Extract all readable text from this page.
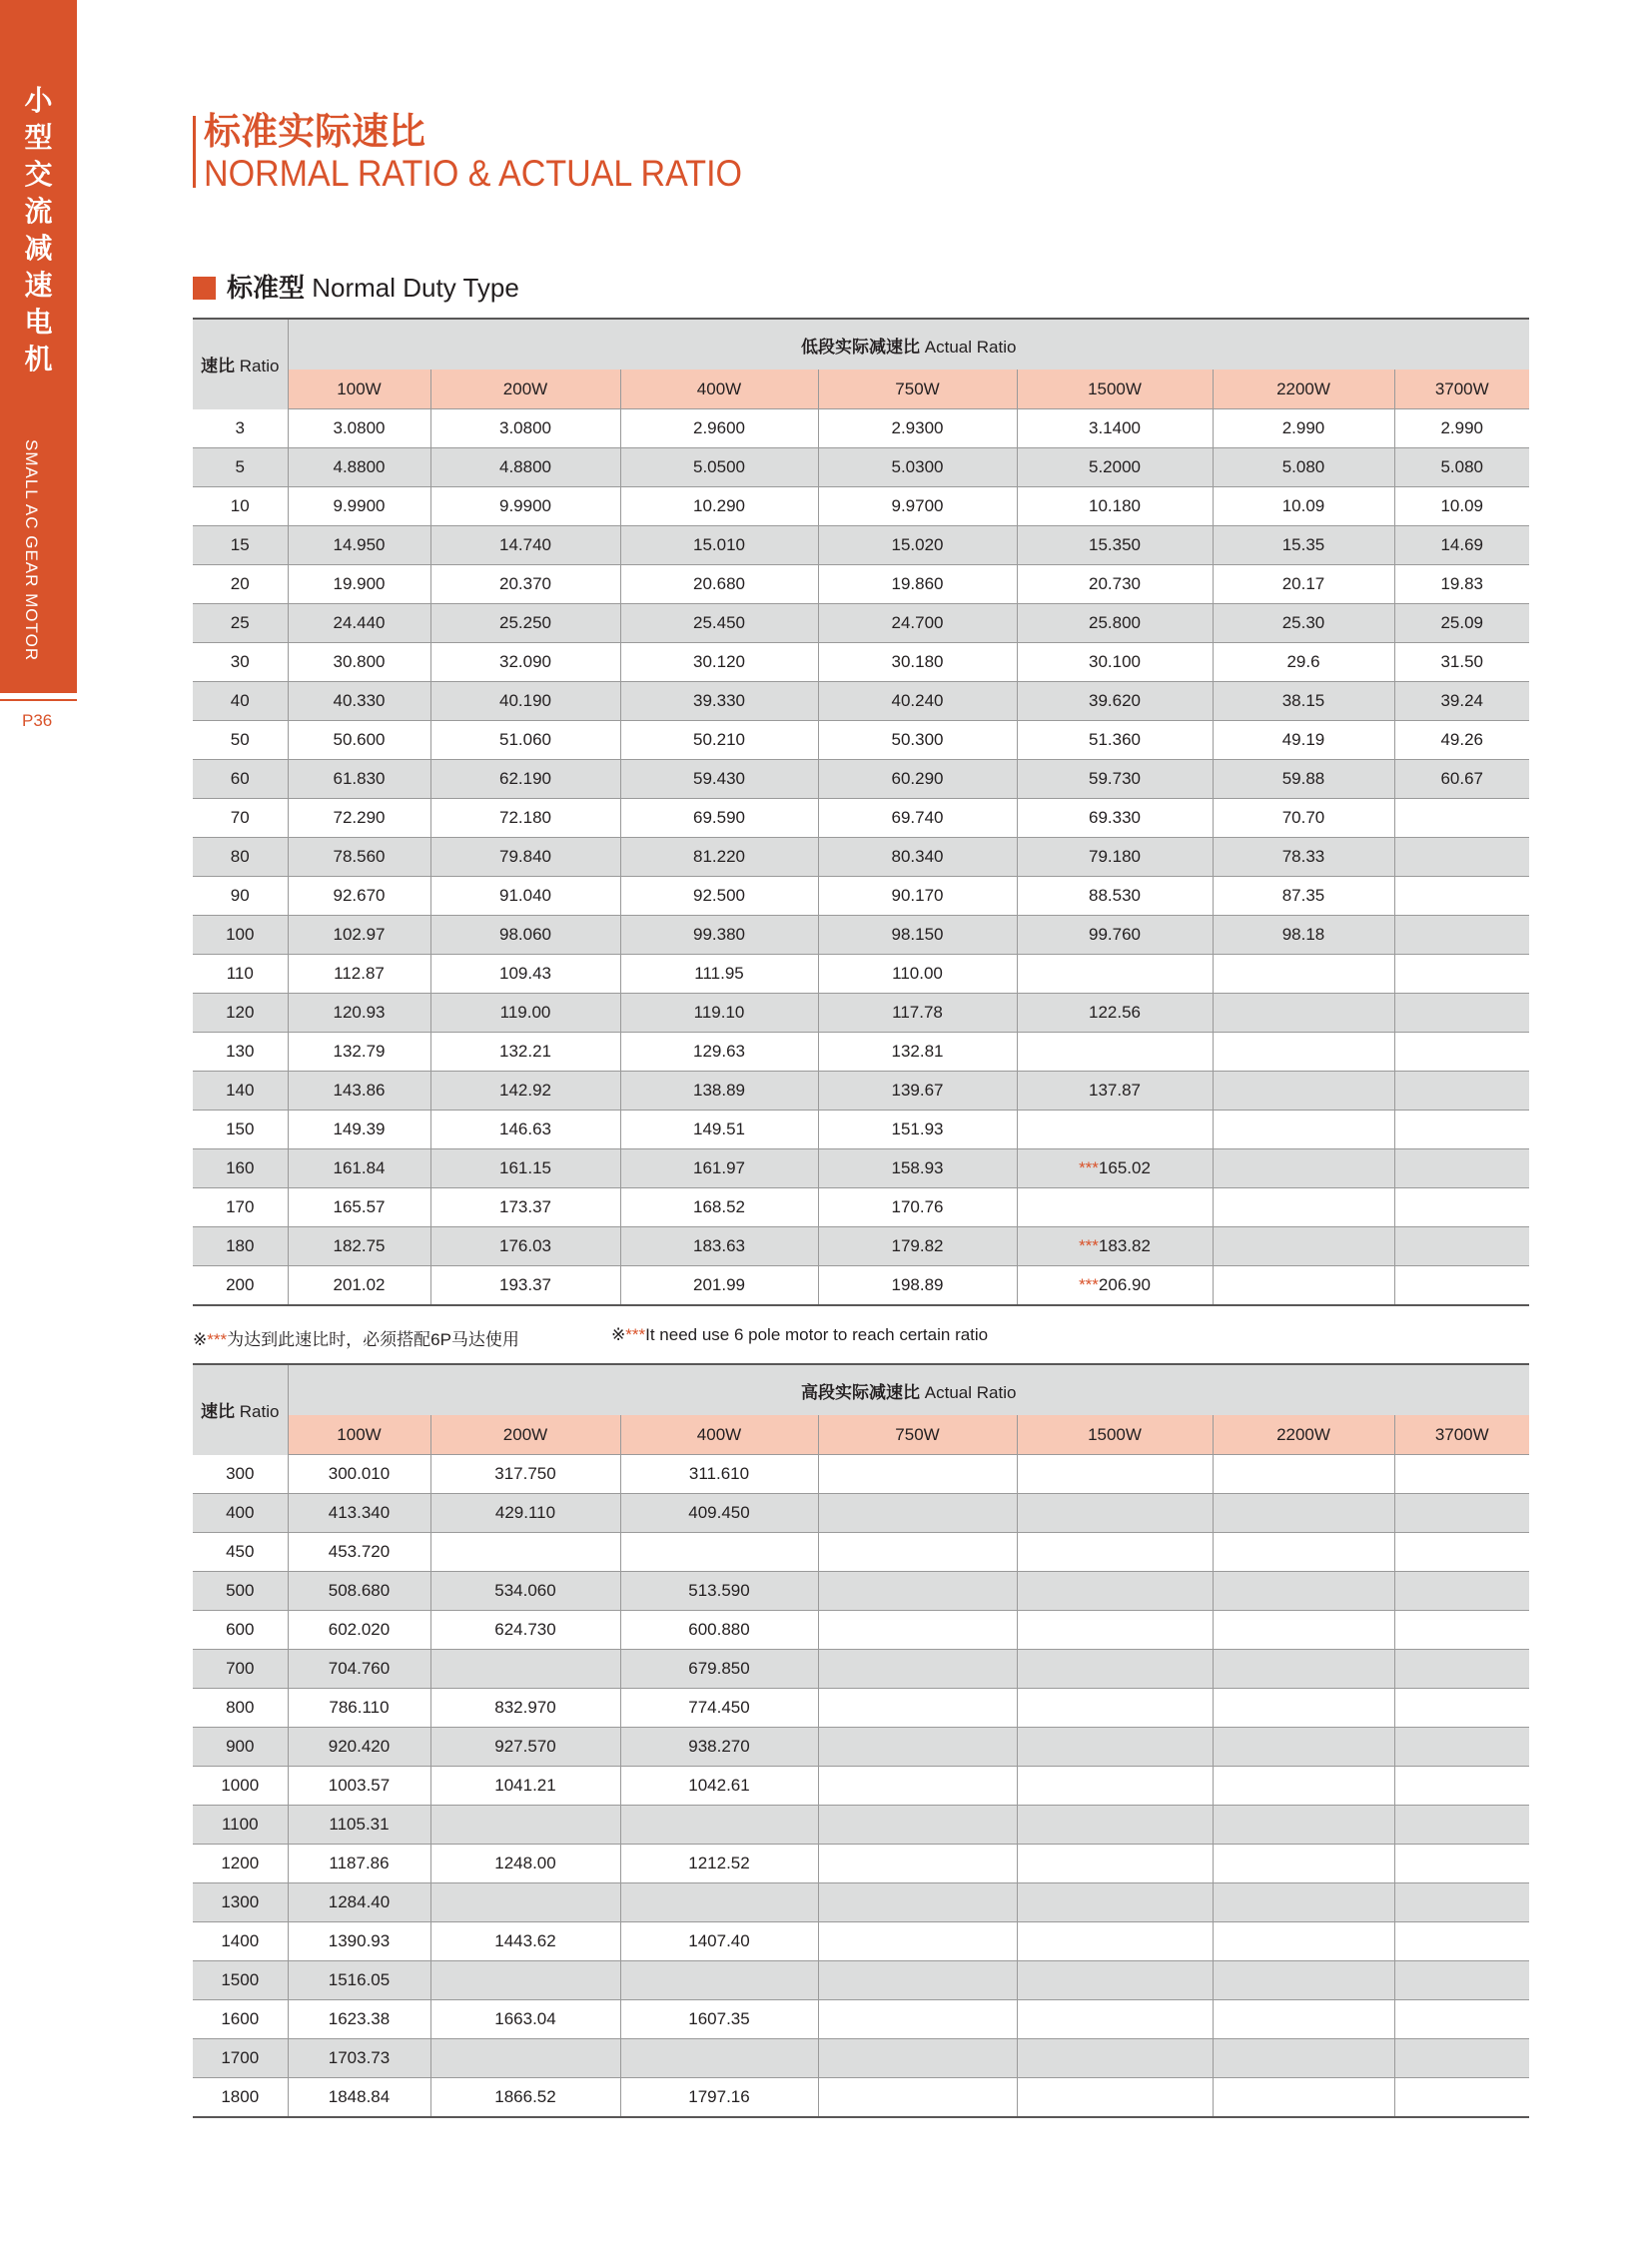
小
型
交
流
减
速
电
机
SMALL AC GEAR MOTOR
P36
标准实际速比
NORMAL RATIO & ACTUAL RATIO
标准型 Normal Duty Type
速比 Ratio	低段实际减速比 Actual Ratio						
	100W	200W	400W	750W	1500W	2200W	3700W
3	3.0800	3.0800	2.9600	2.9300	3.1400	2.990	2.990
5	4.8800	4.8800	5.0500	5.0300	5.2000	5.080	5.080
10	9.9900	9.9900	10.290	9.9700	10.180	10.09	10.09
15	14.950	14.740	15.010	15.020	15.350	15.35	14.69
20	19.900	20.370	20.680	19.860	20.730	20.17	19.83
25	24.440	25.250	25.450	24.700	25.800	25.30	25.09
30	30.800	32.090	30.120	30.180	30.100	29.6	31.50
40	40.330	40.190	39.330	40.240	39.620	38.15	39.24
50	50.600	51.060	50.210	50.300	51.360	49.19	49.26
60	61.830	62.190	59.430	60.290	59.730	59.88	60.67
70	72.290	72.180	69.590	69.740	69.330	70.70	
80	78.560	79.840	81.220	80.340	79.180	78.33	
90	92.670	91.040	92.500	90.170	88.530	87.35	
100	102.97	98.060	99.380	98.150	99.760	98.18	
110	112.87	109.43	111.95	110.00			
120	120.93	119.00	119.10	117.78	122.56		
130	132.79	132.21	129.63	132.81			
140	143.86	142.92	138.89	139.67	137.87		
150	149.39	146.63	149.51	151.93			
160	161.84	161.15	161.97	158.93	***165.02		
170	165.57	173.37	168.52	170.76			
180	182.75	176.03	183.63	179.82	***183.82		
200	201.02	193.37	201.99	198.89	***206.90		
※***为达到此速比时，必须搭配6P马达使用	※***It need use 6 pole motor to reach certain ratio
速比 Ratio	高段实际减速比 Actual Ratio						
	100W	200W	400W	750W	1500W	2200W	3700W
300	300.010	317.750	311.610				
400	413.340	429.110	409.450				
450	453.720						
500	508.680	534.060	513.590				
600	602.020	624.730	600.880				
700	704.760		679.850				
800	786.110	832.970	774.450				
900	920.420	927.570	938.270				
1000	1003.57	1041.21	1042.61				
1100	1105.31						
1200	1187.86	1248.00	1212.52				
1300	1284.40						
1400	1390.93	1443.62	1407.40				
1500	1516.05						
1600	1623.38	1663.04	1607.35				
1700	1703.73						
1800	1848.84	1866.52	1797.16				
